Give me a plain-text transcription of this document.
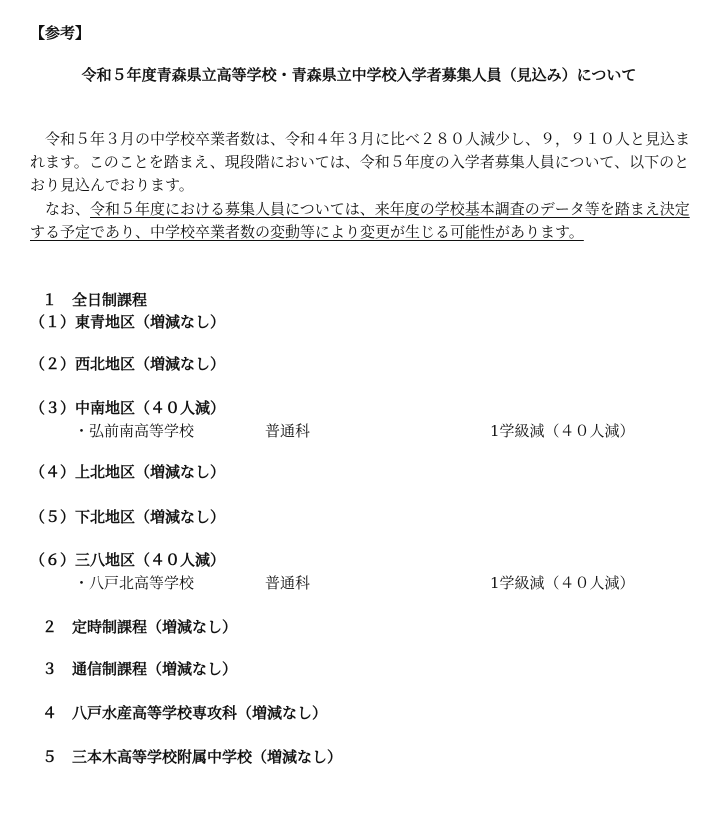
【参考】
令和５年度青森県立高等学校・青森県立中学校入学者募集人員（見込み）について
令和５年３月の中学校卒業者数は、令和４年３月に比べ２８０人減少し、９，９１０人と見込まれます。このことを踏まえ、現段階においては、令和５年度の入学者募集人員について、以下のとおり見込んでおります。
なお、令和５年度における募集人員については、来年度の学校基本調査のデータ等を踏まえ決定する予定であり、中学校卒業者数の変動等により変更が生じる可能性があります。
１　全日制課程
（１）東青地区（増減なし）
（２）西北地区（増減なし）
（３）中南地区（４０人減）
・弘前南高等学校	普通科	1学級減（４０人減）
（４）上北地区（増減なし）
（５）下北地区（増減なし）
（６）三八地区（４０人減）
・八戸北高等学校	普通科	1学級減（４０人減）
２　定時制課程（増減なし）
３　通信制課程（増減なし）
４　八戸水産高等学校専攻科（増減なし）
５　三本木高等学校附属中学校（増減なし）
